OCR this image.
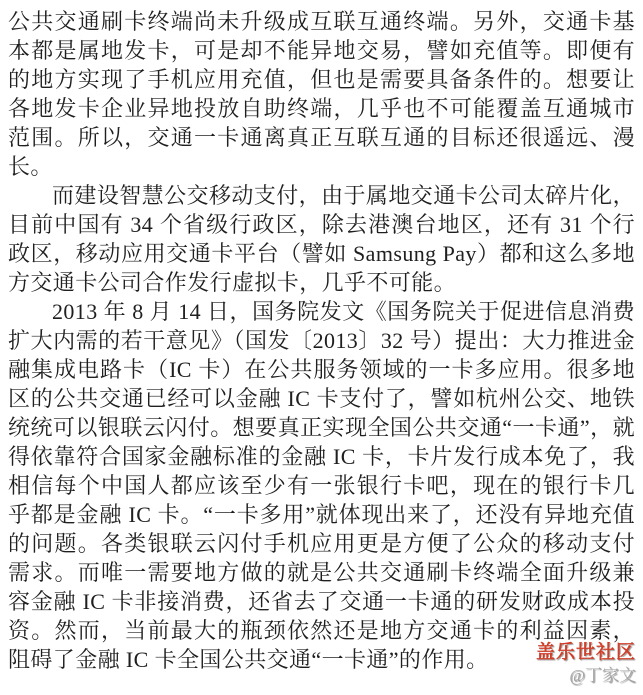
公共交通刷卡终端尚未升级成互联互通终端。另外，交通卡基本都是属地发卡，可是却不能异地交易，譬如充值等。即便有的地方实现了手机应用充值，但也是需要具备条件的。想要让各地发卡企业异地投放自助终端，几乎也不可能覆盖互通城市范围。所以，交通一卡通离真正互联互通的目标还很遥远、漫长。

而建设智慧公交移动支付，由于属地交通卡公司太碎片化，目前中国有 34 个省级行政区，除去港澳台地区，还有 31 个行政区，移动应用交通卡平台（譬如 Samsung Pay）都和这么多地方交通卡公司合作发行虚拟卡，几乎不可能。

2013 年 8 月 14 日，国务院发文《国务院关于促进信息消费扩大内需的若干意见》（国发〔2013〕32 号）提出：大力推进金融集成电路卡（IC 卡）在公共服务领域的一卡多应用。很多地区的公共交通已经可以金融 IC 卡支付了，譬如杭州公交、地铁统统可以银联云闪付。想要真正实现全国公共交通“一卡通”，就得依靠符合国家金融标准的金融 IC 卡，卡片发行成本免了，我相信每个中国人都应该至少有一张银行卡吧，现在的银行卡几乎都是金融 IC 卡。“一卡多用”就体现出来了，还没有异地充值的问题。各类银联云闪付手机应用更是方便了公众的移动支付需求。而唯一需要地方做的就是公共交通刷卡终端全面升级兼容金融 IC 卡非接消费，还省去了交通一卡通的研发财政成本投资。然而，当前最大的瓶颈依然还是地方交通卡的利益因素，阻碍了金融 IC 卡全国公共交通“一卡通”的作用。	盖乐世社区
@丁家文
